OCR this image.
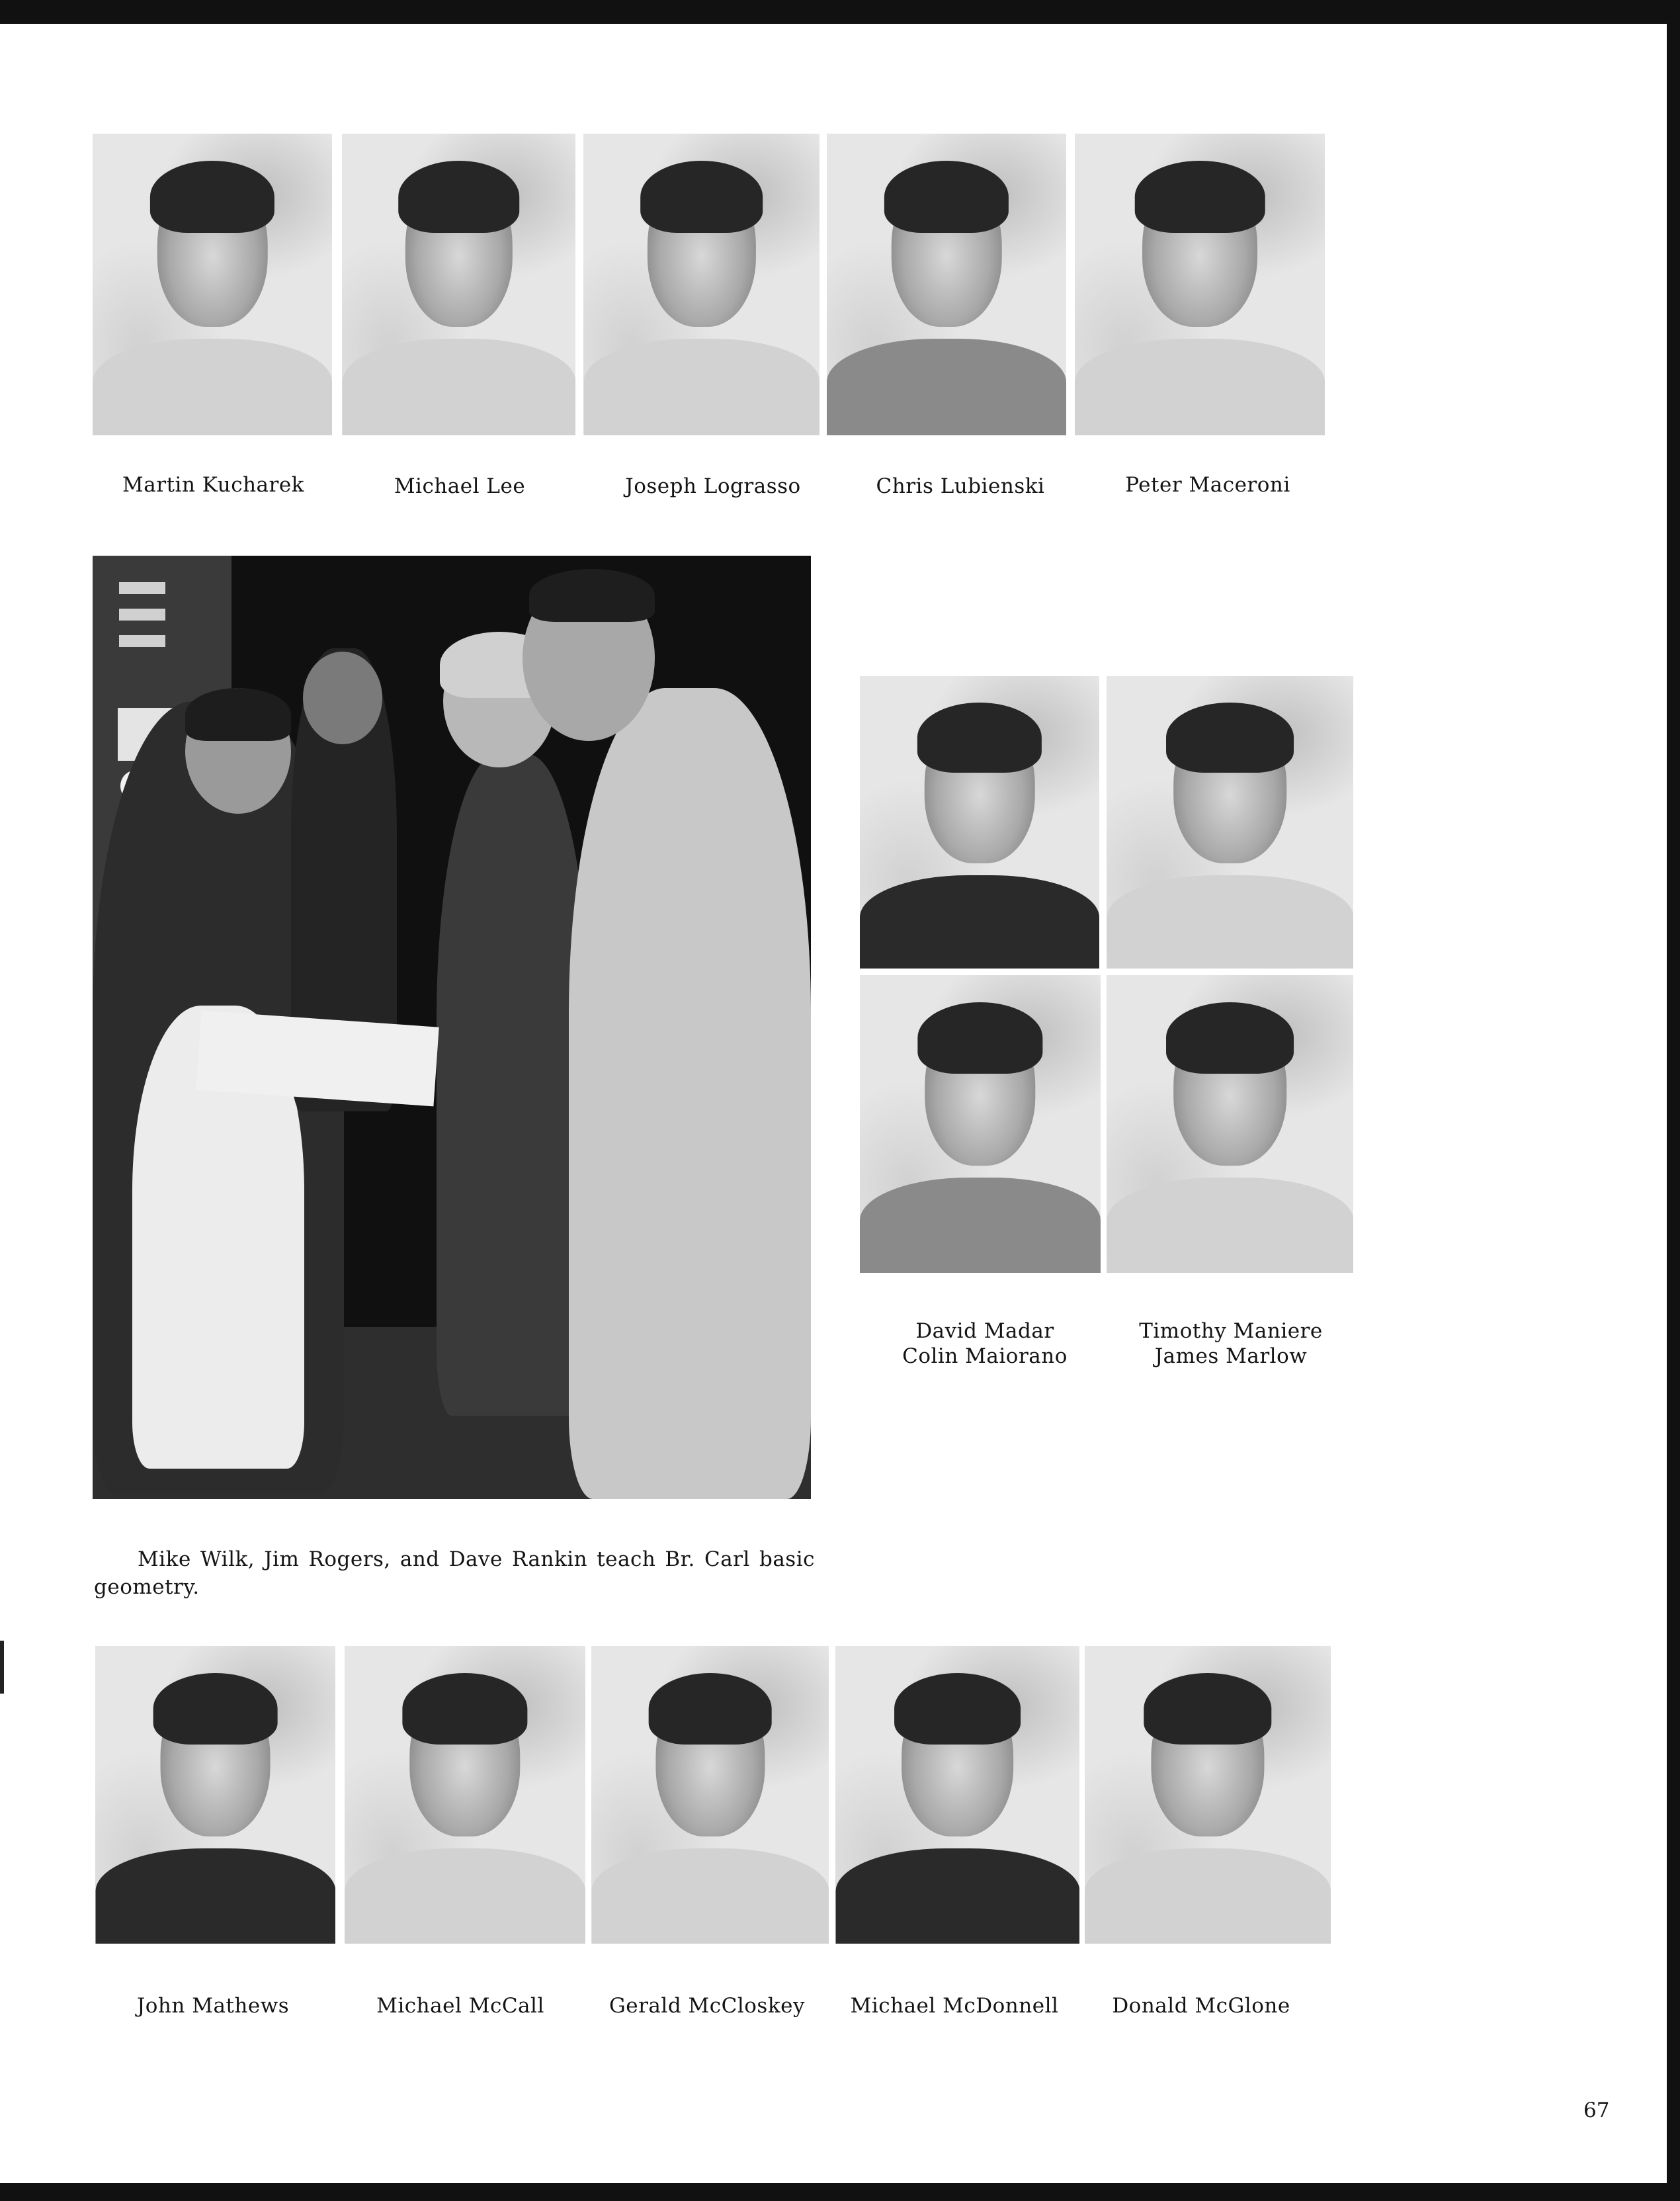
Martin Kucharek	Michael Lee	Joseph Lograsso	Chris Lubienski	Peter Maceroni
Mike Wilk, Jim Rogers, and Dave Rankin teach Br. Carl basic geometry.
David Madar
Colin Maiorano
Timothy Maniere
James Marlow
John Mathews	Michael McCall	Gerald McCloskey	Michael McDonnell	Donald McGlone
67
